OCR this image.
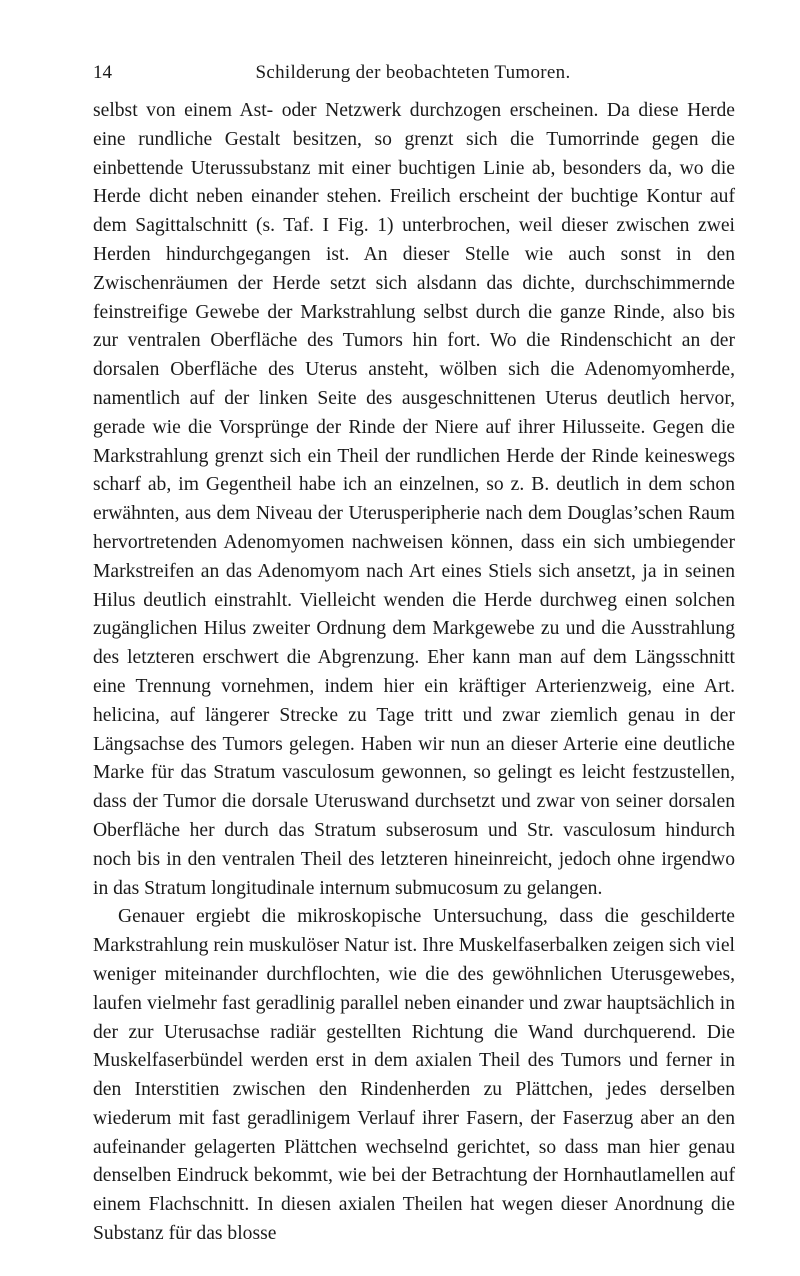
14	Schilderung der beobachteten Tumoren.

selbst von einem Ast- oder Netzwerk durchzogen erscheinen. Da diese Herde eine rundliche Gestalt besitzen, so grenzt sich die Tumorrinde gegen die einbettende Uterussubstanz mit einer buchtigen Linie ab, besonders da, wo die Herde dicht neben einander stehen. Freilich erscheint der buchtige Kontur auf dem Sagittalschnitt (s. Taf. I Fig. 1) unterbrochen, weil dieser zwischen zwei Herden hindurchgegangen ist. An dieser Stelle wie auch sonst in den Zwischenräumen der Herde setzt sich alsdann das dichte, durchschimmernde feinstreifige Gewebe der Markstrahlung selbst durch die ganze Rinde, also bis zur ventralen Oberfläche des Tumors hin fort. Wo die Rindenschicht an der dorsalen Oberfläche des Uterus ansteht, wölben sich die Adenomyomherde, namentlich auf der linken Seite des ausgeschnittenen Uterus deutlich hervor, gerade wie die Vorsprünge der Rinde der Niere auf ihrer Hilusseite. Gegen die Markstrahlung grenzt sich ein Theil der rundlichen Herde der Rinde keineswegs scharf ab, im Gegentheil habe ich an einzelnen, so z. B. deutlich in dem schon erwähnten, aus dem Niveau der Uterusperipherie nach dem Douglas’schen Raum hervortretenden Adenomyomen nachweisen können, dass ein sich umbiegender Markstreifen an das Adenomyom nach Art eines Stiels sich ansetzt, ja in seinen Hilus deutlich einstrahlt. Vielleicht wenden die Herde durchweg einen solchen zugänglichen Hilus zweiter Ordnung dem Markgewebe zu und die Ausstrahlung des letzteren erschwert die Abgrenzung. Eher kann man auf dem Längsschnitt eine Trennung vornehmen, indem hier ein kräftiger Arterienzweig, eine Art. helicina, auf längerer Strecke zu Tage tritt und zwar ziemlich genau in der Längsachse des Tumors gelegen. Haben wir nun an dieser Arterie eine deutliche Marke für das Stratum vasculosum gewonnen, so gelingt es leicht festzustellen, dass der Tumor die dorsale Uteruswand durchsetzt und zwar von seiner dorsalen Oberfläche her durch das Stratum subserosum und Str. vasculosum hindurch noch bis in den ventralen Theil des letzteren hineinreicht, jedoch ohne irgendwo in das Stratum longitudinale internum submucosum zu gelangen.

Genauer ergiebt die mikroskopische Untersuchung, dass die geschilderte Markstrahlung rein muskulöser Natur ist. Ihre Muskelfaserbalken zeigen sich viel weniger miteinander durchflochten, wie die des gewöhnlichen Uterusgewebes, laufen vielmehr fast geradlinig parallel neben einander und zwar hauptsächlich in der zur Uterusachse radiär gestellten Richtung die Wand durchquerend. Die Muskelfaserbündel werden erst in dem axialen Theil des Tumors und ferner in den Interstitien zwischen den Rindenherden zu Plättchen, jedes derselben wiederum mit fast geradlinigem Verlauf ihrer Fasern, der Faserzug aber an den aufeinander gelagerten Plättchen wechselnd gerichtet, so dass man hier genau denselben Eindruck bekommt, wie bei der Betrachtung der Hornhautlamellen auf einem Flachschnitt. In diesen axialen Theilen hat wegen dieser Anordnung die Substanz für das blosse
